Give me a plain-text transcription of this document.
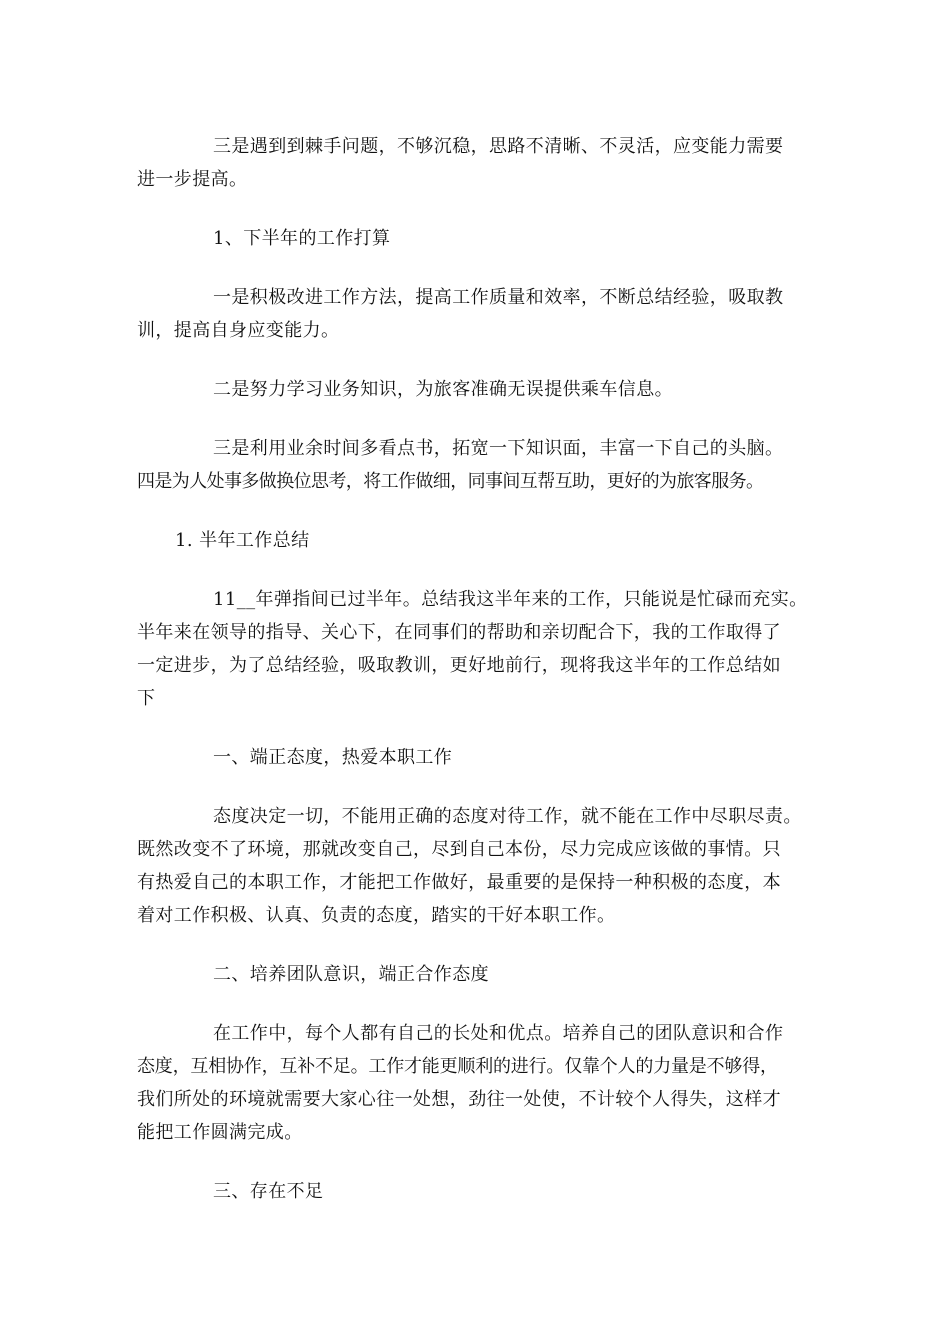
三是遇到到棘手问题，不够沉稳，思路不清晰、不灵活，应变能力需要
进一步提高。

1、下半年的工作打算

一是积极改进工作方法，提高工作质量和效率，不断总结经验，吸取教
训，提高自身应变能力。

二是努力学习业务知识，为旅客准确无误提供乘车信息。

三是利用业余时间多看点书，拓宽一下知识面，丰富一下自己的头脑。
四是为人处事多做换位思考，将工作做细，同事间互帮互助，更好的为旅客服务。

1. 半年工作总结

11__年弹指间已过半年。总结我这半年来的工作，只能说是忙碌而充实。
半年来在领导的指导、关心下，在同事们的帮助和亲切配合下，我的工作取得了
一定进步，为了总结经验，吸取教训，更好地前行，现将我这半年的工作总结如
下

一、端正态度，热爱本职工作

态度决定一切，不能用正确的态度对待工作，就不能在工作中尽职尽责。
既然改变不了环境，那就改变自己，尽到自己本份，尽力完成应该做的事情。只
有热爱自己的本职工作，才能把工作做好，最重要的是保持一种积极的态度，本
着对工作积极、认真、负责的态度，踏实的干好本职工作。

二、培养团队意识，端正合作态度

在工作中，每个人都有自己的长处和优点。培养自己的团队意识和合作
态度，互相协作，互补不足。工作才能更顺利的进行。仅靠个人的力量是不够得，
我们所处的环境就需要大家心往一处想，劲往一处使，不计较个人得失，这样才
能把工作圆满完成。

三、存在不足
